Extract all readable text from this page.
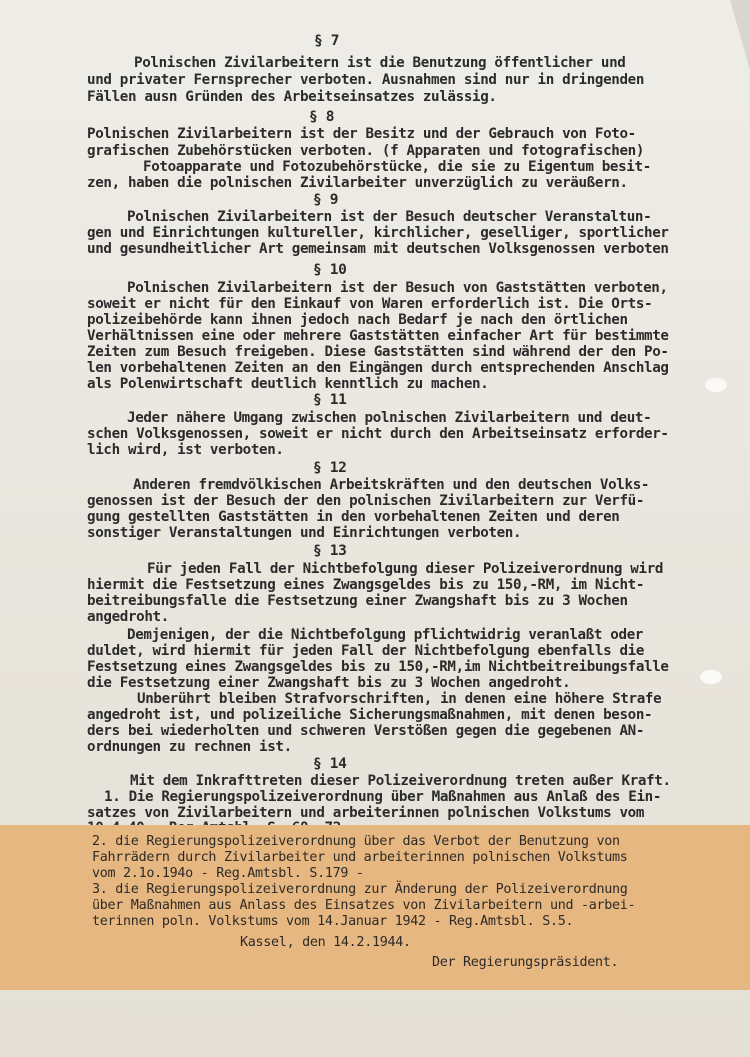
§ 7
Polnischen Zivilarbeitern ist die Benutzung öffentlicher und
und privater Fernsprecher verboten. Ausnahmen sind nur in dringenden
Fällen ausn Gründen des Arbeitseinsatzes zulässig.
§ 8
Polnischen Zivilarbeitern ist der Besitz und der Gebrauch von Foto-
grafischen Zubehörstücken verboten. (f Apparaten und fotografischen)
Fotoapparate und Fotozubehörstücke, die sie zu Eigentum besit-
zen, haben die polnischen Zivilarbeiter unverzüglich zu veräußern.
§ 9
Polnischen Zivilarbeitern ist der Besuch deutscher Veranstaltun-
gen und Einrichtungen kultureller, kirchlicher, geselliger, sportlicher
und gesundheitlicher Art gemeinsam mit deutschen Volksgenossen verboten
§ 10
Polnischen Zivilarbeitern ist der Besuch von Gaststätten verboten,
soweit er nicht für den Einkauf von Waren erforderlich ist. Die Orts-
polizeibehörde kann ihnen jedoch nach Bedarf je nach den örtlichen
Verhältnissen eine oder mehrere Gaststätten einfacher Art für bestimmte
Zeiten zum Besuch freigeben. Diese Gaststätten sind während der den Po-
len vorbehaltenen Zeiten an den Eingängen durch entsprechenden Anschlag
als Polenwirtschaft deutlich kenntlich zu machen.
§ 11
Jeder nähere Umgang zwischen polnischen Zivilarbeitern und deut-
schen Volksgenossen, soweit er nicht durch den Arbeitseinsatz erforder-
lich wird, ist verboten.
§ 12
Anderen fremdvölkischen Arbeitskräften und den deutschen Volks-
genossen ist der Besuch der den polnischen Zivilarbeitern zur Verfü-
gung gestellten Gaststätten in den vorbehaltenen Zeiten und deren
sonstiger Veranstaltungen und Einrichtungen verboten.
§ 13
Für jeden Fall der Nichtbefolgung dieser Polizeiverordnung wird
hiermit die Festsetzung eines Zwangsgeldes bis zu 150,-RM, im Nicht-
beitreibungsfalle die Festsetzung einer Zwangshaft bis zu 3 Wochen
angedroht.
Demjenigen, der die Nichtbefolgung pflichtwidrig veranlaßt oder
duldet, wird hiermit für jeden Fall der Nichtbefolgung ebenfalls die
Festsetzung eines Zwangsgeldes bis zu 150,-RM,im Nichtbeitreibungsfalle
die Festsetzung einer Zwangshaft bis zu 3 Wochen angedroht.
Unberührt bleiben Strafvorschriften, in denen eine höhere Strafe
angedroht ist, und polizeiliche Sicherungsmaßnahmen, mit denen beson-
ders bei wiederholten und schweren Verstößen gegen die gegebenen AN-
ordnungen zu rechnen ist.
§ 14
Mit dem Inkrafttreten dieser Polizeiverordnung treten außer Kraft.
1. Die Regierungspolizeiverordnung über Maßnahmen aus Anlaß des Ein-
satzes von Zivilarbeitern und arbeiterinnen polnischen Volkstums vom
2. die Regierungspolizeiverordnung über das Verbot der Benutzung von
Fahrrädern durch Zivilarbeiter und arbeiterinnen polnischen Volkstums
vom 2.1o.194o - Reg.Amtsbl. S.179 -
3. die Regierungspolizeiverordnung zur Änderung der Polizeiverordnung
über Maßnahmen aus Anlass des Einsatzes von Zivilarbeitern und -arbei-
terinnen poln. Volkstums vom 14.Januar 1942 - Reg.Amtsbl. S.5.
Kassel, den 14.2.1944.
Der Regierungspräsident.
